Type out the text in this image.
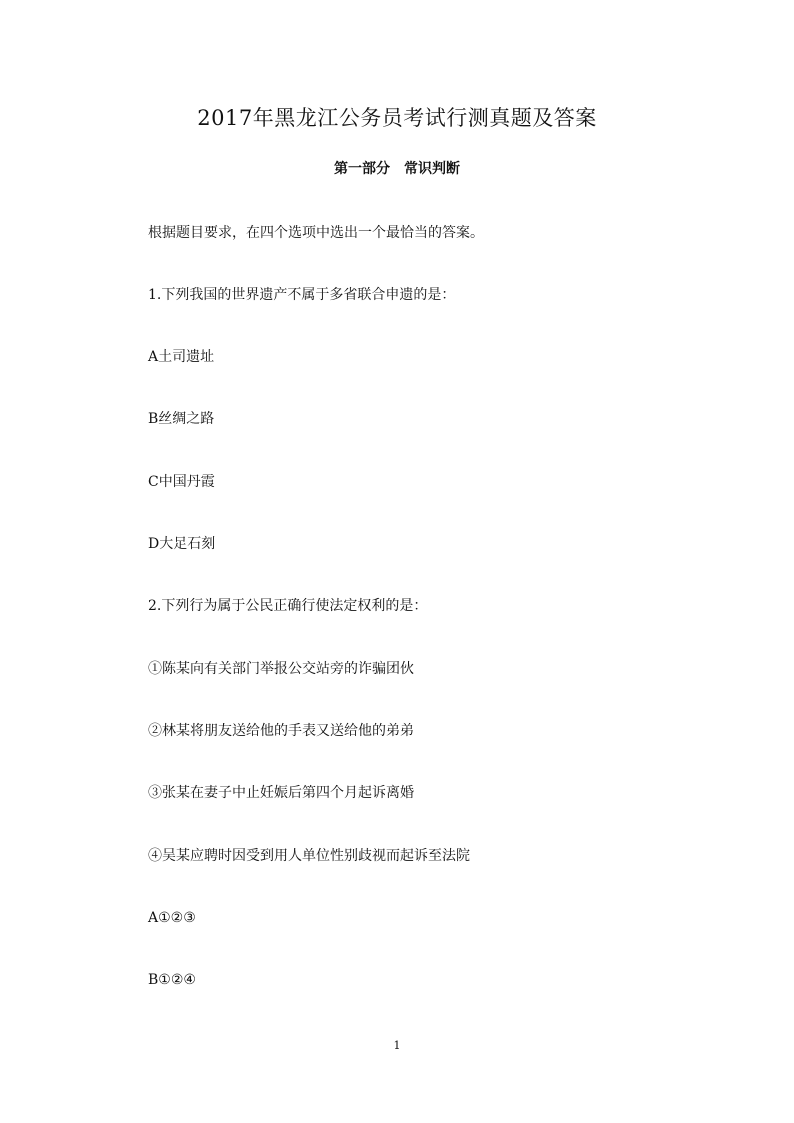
2017年黑龙江公务员考试行测真题及答案
第一部分　常识判断
根据题目要求，在四个选项中选出一个最恰当的答案。
1.下列我国的世界遗产不属于多省联合申遗的是：
A土司遗址
B丝绸之路
C中国丹霞
D大足石刻
2.下列行为属于公民正确行使法定权利的是：
①陈某向有关部门举报公交站旁的诈骗团伙
②林某将朋友送给他的手表又送给他的弟弟
③张某在妻子中止妊娠后第四个月起诉离婚
④吴某应聘时因受到用人单位性别歧视而起诉至法院
A①②③
B①②④
1
